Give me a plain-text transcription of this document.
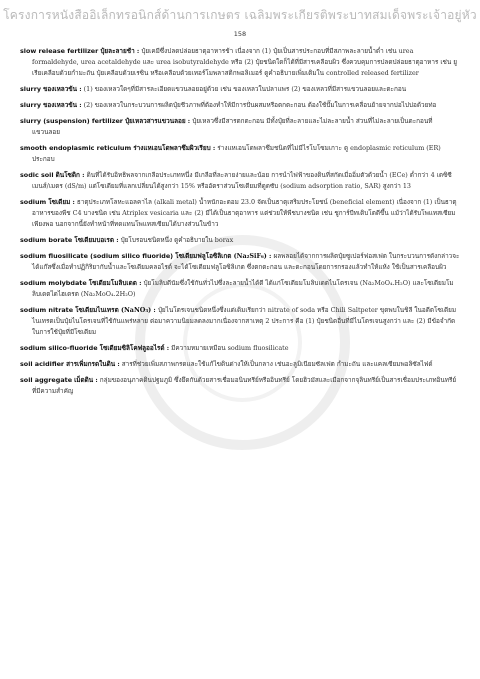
โครงการหนังสืออิเล็กทรอนิกส์ด้านการเกษตร เฉลิมพระเกียรติพระบาทสมเด็จพระเจ้าอยู่หัว
158
slow release fertilizer ปุ๋ยละลายช้า : ปุ๋ยเคมีซึ่งปลดปล่อยธาตุอาหารช้า เนื่องจาก (1) ปุ๋ยเป็นสารประกอบที่มีสภาพละลายน้ำต่ำ เช่น urea formaldehyde, urea acetaldehyde และ urea isobutyraldehyde หรือ (2) ปุ๋ยชนิดใดก็ได้ที่มีสารเคลือบผิว ซึ่งควบคุมการปลดปล่อยธาตุอาหาร เช่น ยูเรียเคลือบด้วยกำมะถัน ปุ๋ยเคลือบด้วยเรซิน หรือเคลือบด้วยเทอร์โมพลาสติกพอลิเมอร์ ดูคำอธิบายเพิ่มเติมใน controlled released fertilizer
slurry ของเหลวข้น : (1) ของเหลวใดๆที่มีสารละเอียดแขวนลอยอยู่ด้วย เช่น ของเหลวในปลาแพร (2) ของเหลวที่มีสารแขวนลอยและตะกอน
slurry ของเหลวข้น : (2) ของเหลวในกระบวนการผลิตปุ๋ยชีวภาพที่ต้องทำให้มีการปั่นผสมหรือตกตะกอน ต้องใช้ปั๊มในการเคลื่อนย้ายจากบ่อไปบ่อด้วยท่อ
slurry (suspension) fertilizer ปุ๋ยเหลวสารแขวนลอย : ปุ๋ยเหลวซึ่งมีสารตกตะกอน มีทั้งปุ๋ยที่ละลายและไม่ละลายน้ำ ส่วนที่ไม่ละลายเป็นตะกอนที่แขวนลอย
smooth endoplasmic reticulum ร่างแหเอนโดพลาซึมผิวเรียบ : ร่างแหเอนโดพลาซึมชนิดที่ไม่มีไรโบโซมเกาะ ดู endoplasmic reticulum (ER) ประกอบ
sodic soil ดินโซดิก : ดินที่ได้รับอิทธิพลจากเกลือประเภทหนึ่ง มีเกลือที่ละลายง่ายและน้อย การนำไฟฟ้าของดินที่สกัดเมื่ออิ่มตัวด้วยน้ำ (ECe) ต่ำกว่า 4 เดซิซีเมนส์/เมตร (dS/m) แต่โซเดียมที่แลกเปลี่ยนได้สูงกว่า 15% หรืออัตราส่วนโซเดียมที่ดูดซับ (sodium adsorption ratio, SAR) สูงกว่า 13
sodium โซเดียม : ธาตุประเภทโลหะแอลคาไล (alkali metal) น้ำหนักอะตอม 23.0 จัดเป็นธาตุเสริมประโยชน์ (beneficial element) เนื่องจาก (1) เป็นธาตุอาหารของพืช C4 บางชนิด เช่น Atriplex vesicaria และ (2) มีได้เป็นธาตุอาหาร แต่ช่วยให้พืชบางชนิด เช่น ชูการ์บีทเติบโตดีขึ้น แม้ว่าได้รับโพแทสเซียมเพียงพอ นอกจากนี้ยังทำหน้าที่ทดแทนโพแทสเซียมได้บางส่วนในข้าว
sodium borate โซเดียมบอเรต : ปุ๋ยโบรอนชนิดหนึ่ง ดูคำอธิบายใน borax
sodium fluosilicate (sodium silico fluoride) โซเดียมฟลูโอซิลิเกต (Na₂SiF₆) : ผลพลอยได้จากการผลิตปุ๋ยซูเปอร์ฟอสเฟต ในกระบวนการดังกล่าวจะได้แก๊สซึ่งเมื่อทำปฏิกิริยากับน้ำและโซเดียมคลอไรด์ จะได้โซเดียมฟลูโอซิลิเกต ซึ่งตกตะกอน และตะกอนโดยการกรองแล้วทำให้แห้ง ใช้เป็นสารเคลือบผิว
sodium molybdate โซเดียมโมลิบเดต : ปุ๋ยโมลิบดีนัมซึ่งใช้กันทั่วไปซึ่งละลายน้ำได้ดี ได้แก่โซเดียมโมลิบเดตไนโตรเจน (Na₂MoO₄.H₂O) และโซเดียมโมลิบเดตไดไฮเดรต (Na₂MoO₄.2H₂O)
sodium nitrate โซเดียมไนเทรต (NaNO₃) : ปุ๋ยไนโตรเจนชนิดหนึ่งซึ่งแต่เดิมเรียกว่า nitrate of soda หรือ Chili Saltpeter ขุดพบในชิลี ในอดีตโซเดียมไนเทรตเป็นปุ๋ยไนโตรเจนที่ใช้กันแพร่หลาย ต่อมาความนิยมลดลงมากเนื่องจากสาเหตุ 2 ประการ คือ (1) ปุ๋ยชนิดอื่นที่มีไนโตรเจนสูงกว่า และ (2) มีข้อจำกัดในการใช้ปุ๋ยที่มีโซเดียม
sodium silico-fluoride โซเดียมซิลิโคฟลูออไรด์ : มีความหมายเหมือน sodium fluosilicate
soil acidifier สารเพิ่มกรดในดิน : สารที่ช่วยเพิ่มสภาพกรดและใช้แก้ไขดินด่างให้เป็นกลาง เช่นอะลูมิเนียมซัลเฟต กำมะถัน และแคลเซียมพอลิซัลไฟด์
soil aggregate เม็ดดิน : กลุ่มของอนุภาคดินปฐมภูมิ ซึ่งยึดกันด้วยสารเชื่อมอนินทรีย์หรืออินทรีย์ โดยฮิวมัสและเมือกจากจุลินทรีย์เป็นสารเชื่อมประเภทอินทรีย์ที่มีความสำคัญ
